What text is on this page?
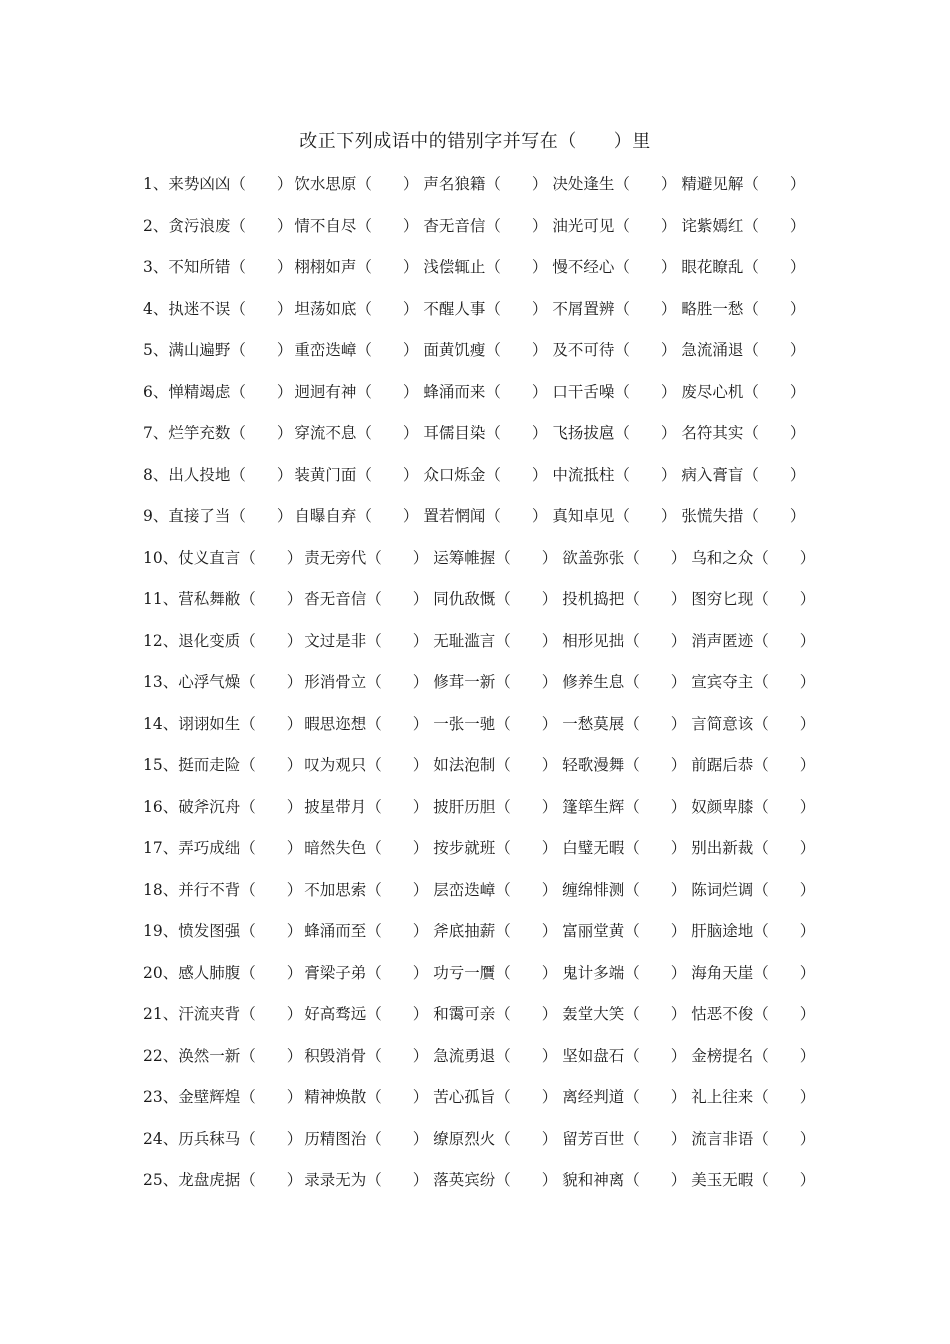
改正下列成语中的错别字并写在（　　）里
1、 来势凶凶（　　） 饮水思原（　　） 声名狼籍（　　） 决处逢生（　　） 精避见解（　　）
2、 贪污浪废（　　） 情不自尽（　　） 杳无音信（　　） 油光可见（　　） 诧紫嫣红（　　）
3、 不知所错（　　） 栩栩如声（　　） 浅偿辄止（　　） 慢不经心（　　） 眼花瞭乱（　　）
4、 执迷不误（　　） 坦荡如底（　　） 不醒人事（　　） 不屑置辨（　　） 略胜一愁（　　）
5、 满山遍野（　　） 重峦迭嶂（　　） 面黄饥瘦（　　） 及不可待（　　） 急流涌退（　　）
6、 惮精竭虑（　　） 迥迥有神（　　） 蜂涌而来（　　） 口干舌噪（　　） 废尽心机（　　）
7、 烂竽充数（　　） 穿流不息（　　） 耳儒目染（　　） 飞扬拔扈（　　） 名符其实（　　）
8、 出人投地（　　） 装黄门面（　　） 众口烁金（　　） 中流抵柱（　　） 病入膏盲（　　）
9、 直接了当（　　） 自曝自弃（　　） 置若惘闻（　　） 真知卓见（　　） 张慌失措（　　）
10、 仗义直言（　　） 责无旁代（　　） 运筹帷握（　　） 欲盖弥张（　　） 乌和之众（　　）
11、 营私舞敝（　　） 沓无音信（　　） 同仇敌慨（　　） 投机捣把（　　） 图穷匕现（　　）
12、 退化变质（　　） 文过是非（　　） 无耻滥言（　　） 相形见拙（　　） 消声匿迹（　　）
13、 心浮气燥（　　） 形消骨立（　　） 修茸一新（　　） 修养生息（　　） 宣宾夺主（　　）
14、 诩诩如生（　　） 暇思迩想（　　） 一张一驰（　　） 一愁莫展（　　） 言简意该（　　）
15、 挺而走险（　　） 叹为观只（　　） 如法泡制（　　） 轻歌漫舞（　　） 前踞后恭（　　）
16、 破斧沉舟（　　） 披星带月（　　） 披肝历胆（　　） 篷筚生辉（　　） 奴颜卑膝（　　）
17、 弄巧成绌（　　） 暗然失色（　　） 按步就班（　　） 白璧无暇（　　） 别出新裁（　　）
18、 并行不背（　　） 不加思索（　　） 层峦迭嶂（　　） 缠绵悱测（　　） 陈词烂调（　　）
19、 愤发图强（　　） 蜂涌而至（　　） 斧底抽薪（　　） 富丽堂黄（　　） 肝脑途地（　　）
20、 感人肺腹（　　） 膏梁子弟（　　） 功亏一贋（　　） 鬼计多端（　　） 海角天崖（　　）
21、 汗流夹背（　　） 好高骛远（　　） 和霭可亲（　　） 轰堂大笑（　　） 怙恶不俊（　　）
22、 涣然一新（　　） 积毁消骨（　　） 急流勇退（　　） 坚如盘石（　　） 金榜提名（　　）
23、 金壁辉煌（　　） 精神焕散（　　） 苦心孤旨（　　） 离经判道（　　） 礼上往来（　　）
24、 历兵秣马（　　） 历精图治（　　） 缭原烈火（　　） 留芳百世（　　） 流言非语（　　）
25、 龙盘虎据（　　） 录录无为（　　） 落英宾纷（　　） 貌和神离（　　） 美玉无暇（　　）
